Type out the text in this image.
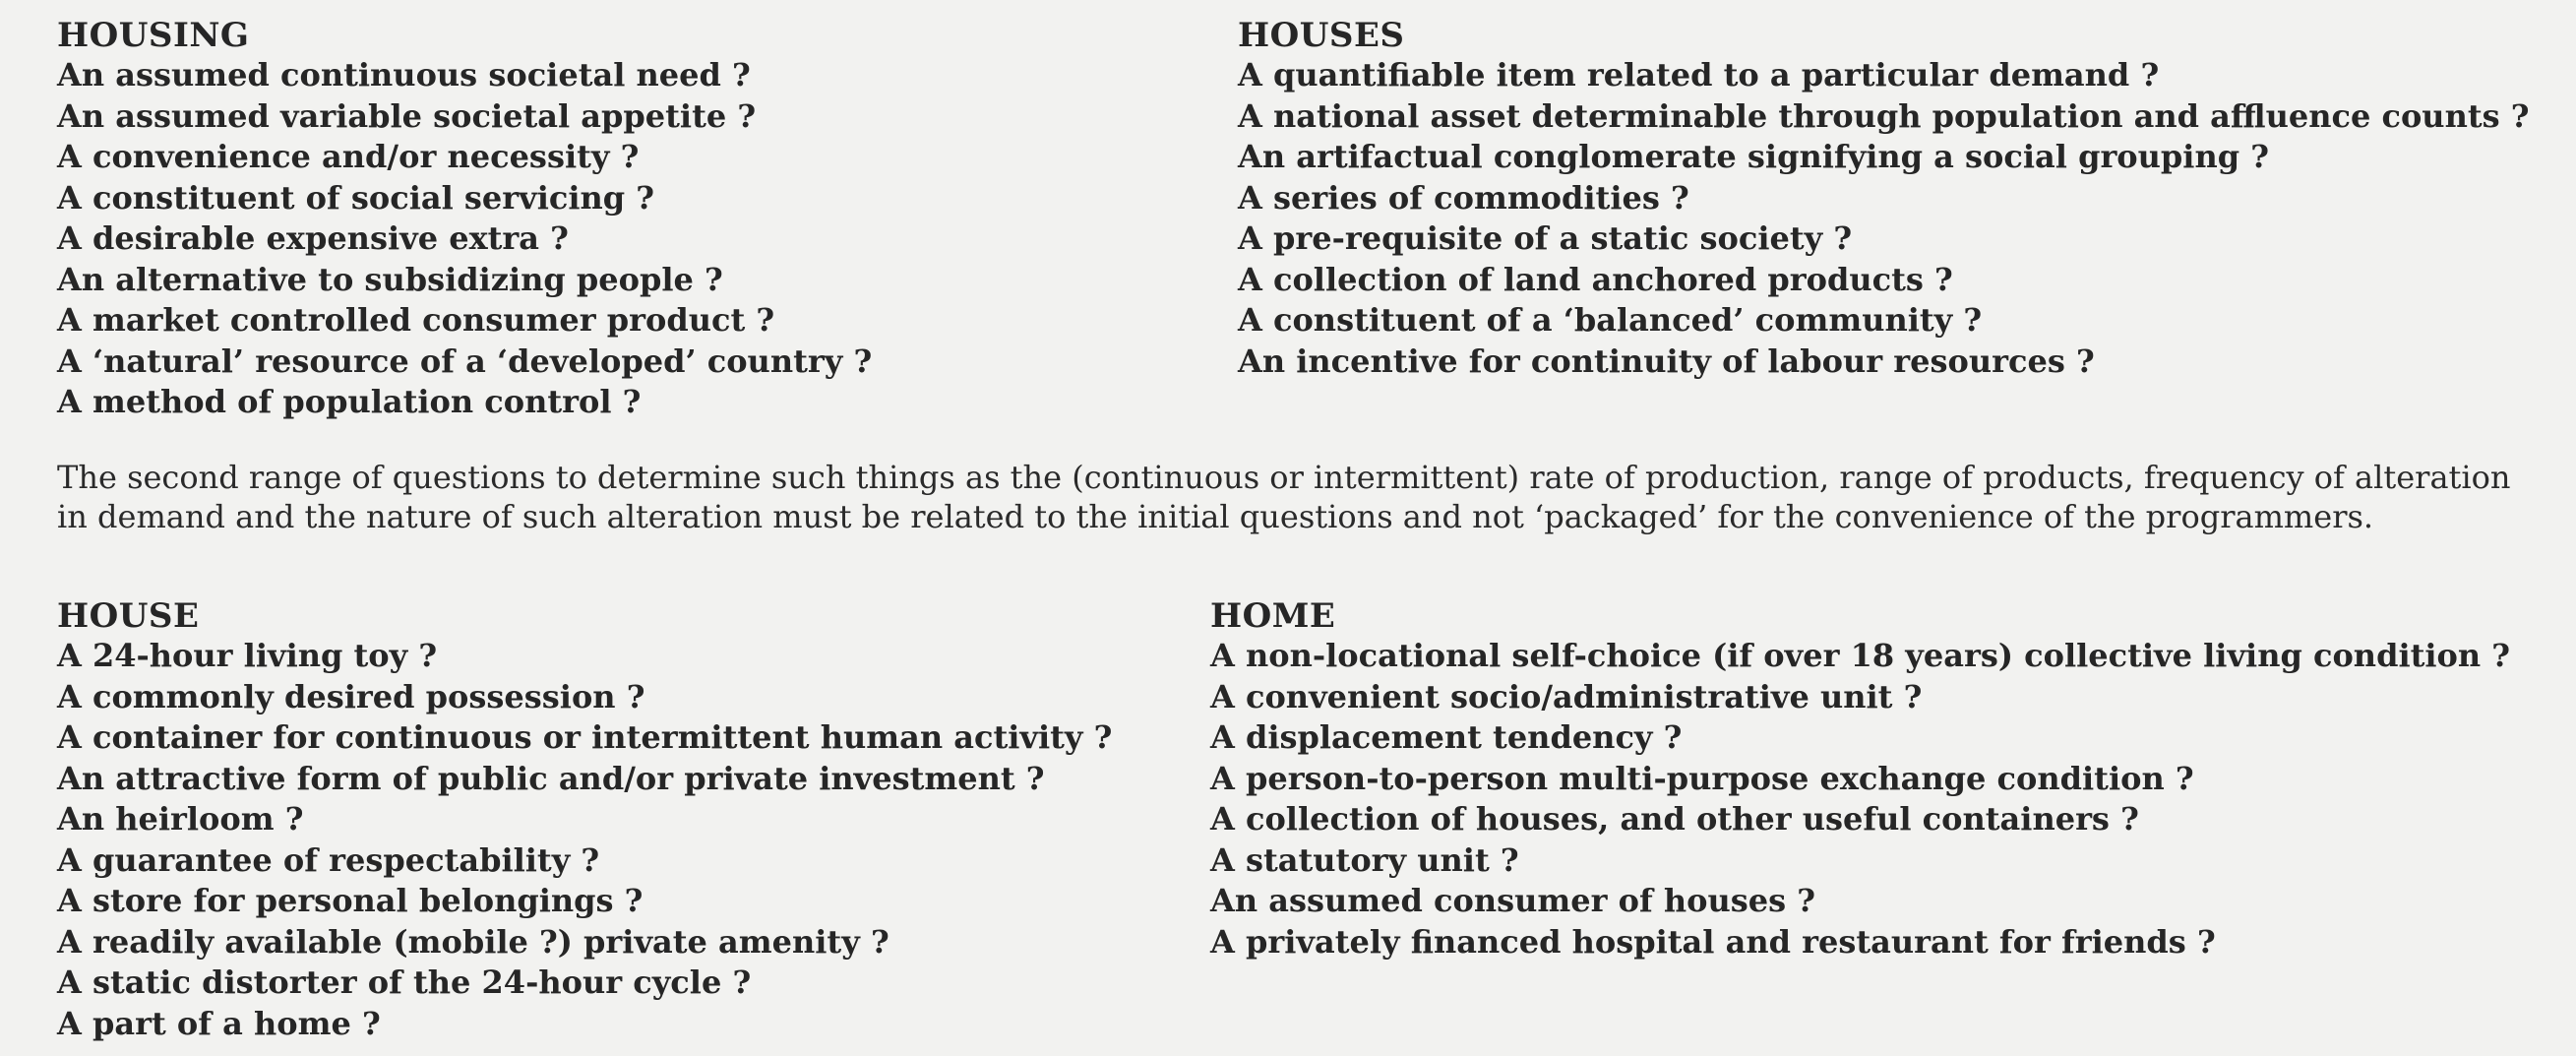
HOUSING
An assumed continuous societal need ?
An assumed variable societal appetite ?
A convenience and/or necessity ?
A constituent of social servicing ?
A desirable expensive extra ?
An alternative to subsidizing people ?
A market controlled consumer product ?
A ‘natural’ resource of a ‘developed’ country ?
A method of population control ?
HOUSES
A quantifiable item related to a particular demand ?
A national asset determinable through population and affluence counts ?
An artifactual conglomerate signifying a social grouping ?
A series of commodities ?
A pre-requisite of a static society ?
A collection of land anchored products ?
A constituent of a ‘balanced’ community ?
An incentive for continuity of labour resources ?

The second range of questions to determine such things as the (continuous or intermittent) rate of production, range of products, frequency of alteration in demand and the nature of such alteration must be related to the initial questions and not ‘packaged’ for the convenience of the programmers.

HOUSE
A 24-hour living toy ?
A commonly desired possession ?
A container for continuous or intermittent human activity ?
An attractive form of public and/or private investment ?
An heirloom ?
A guarantee of respectability ?
A store for personal belongings ?
A readily available (mobile ?) private amenity ?
A static distorter of the 24-hour cycle ?
A part of a home ?
HOME
A non-locational self-choice (if over 18 years) collective living condition ?
A convenient socio/administrative unit ?
A displacement tendency ?
A person-to-person multi-purpose exchange condition ?
A collection of houses, and other useful containers ?
A statutory unit ?
An assumed consumer of houses ?
A privately financed hospital and restaurant for friends ?
